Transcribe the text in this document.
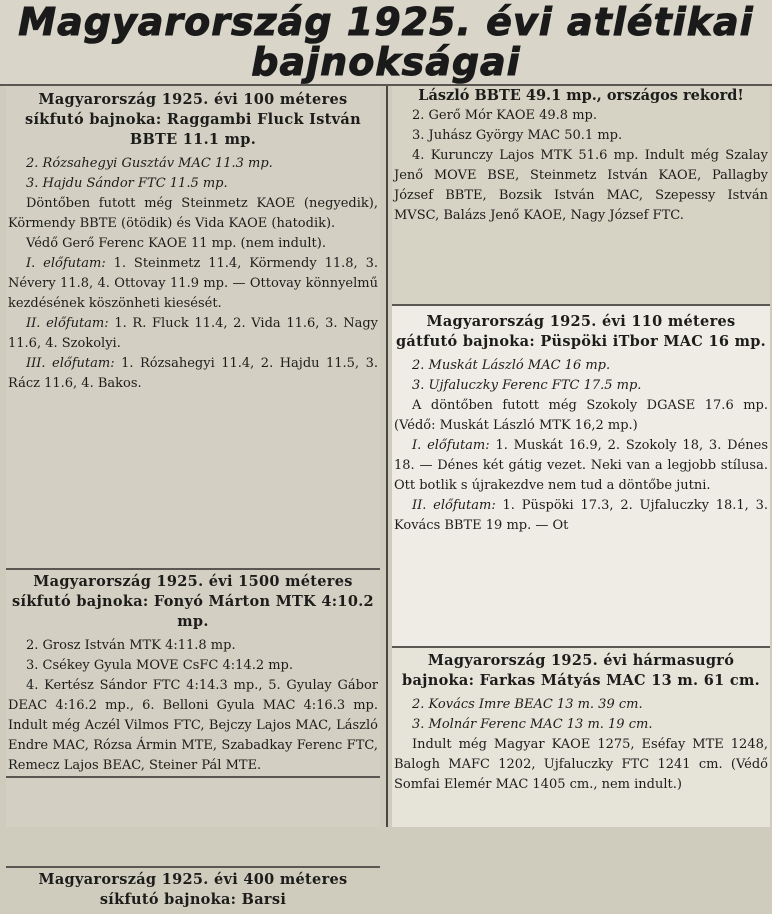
Magyarország 1925. évi atlétikai
bajnokságai

Magyarország 1925. évi 100 méteres síkfutó bajnoka: Raggambi Fluck István BBTE 11.1 mp.

2. Rózsahegyi Gusztáv MAC 11.3 mp.

3. Hajdu Sándor FTC 11.5 mp.

Döntőben futott még Steinmetz KAOE (negyedik), Körmendy BBTE (ötödik) és Vida KAOE (hatodik).

Védő Gerő Ferenc KAOE 11 mp. (nem indult).

I. előfutam: 1. Steinmetz 11.4, Körmendy 11.8, 3. Névery 11.8, 4. Ottovay 11.9 mp. — Ottovay könnyelmű kezdésének köszönheti kiesését.

II. előfutam: 1. R. Fluck 11.4, 2. Vida 11.6, 3. Nagy 11.6, 4. Szokolyi.

III. előfutam: 1. Rózsahegyi 11.4, 2. Hajdu 11.5, 3. Rácz 11.6, 4. Bakos.

Magyarország 1925. évi 1500 méteres síkfutó bajnoka: Fonyó Márton MTK 4:10.2 mp.

2. Grosz István MTK 4:11.8 mp.

3. Csékey Gyula MOVE CsFC 4:14.2 mp.

4. Kertész Sándor FTC 4:14.3 mp., 5. Gyulay Gábor DEAC 4:16.2 mp., 6. Belloni Gyula MAC 4:16.3 mp. Indult még Aczél Vilmos FTC, Bejczy Lajos MAC, László Endre MAC, Rózsa Ármin MTE, Szabadkay Ferenc FTC, Remecz Lajos BEAC, Steiner Pál MTE.

Magyarország 1925. évi 400 méteres síkfutó bajnoka: Barsi

László BBTE 49.1 mp., országos rekord!

2. Gerő Mór KAOE 49.8 mp.

3. Juhász György MAC 50.1 mp.

4. Kurunczy Lajos MTK 51.6 mp. Indult még Szalay Jenő MOVE BSE, Steinmetz István KAOE, Pallagby József BBTE, Bozsik István MAC, Szepessy István MVSC, Balázs Jenő KAOE, Nagy József FTC.

Magyarország 1925. évi 110 méteres gátfutó bajnoka: Püspöki iTbor MAC 16 mp.

2. Muskát László MAC 16 mp.

3. Ujfaluczky Ferenc FTC 17.5 mp.

A döntőben futott még Szokoly DGASE 17.6 mp. (Védő: Muskát László MTK 16,2 mp.)

I. előfutam: 1. Muskát 16.9, 2. Szokoly 18, 3. Dénes 18. — Dénes két gátig vezet. Neki van a legjobb stílusa. Ott botlik s újrakezdve nem tud a döntőbe jutni.

II. előfutam: 1. Püspöki 17.3, 2. Ujfaluczky 18.1, 3. Kovács BBTE 19 mp. — Ot

Magyarország 1925. évi hármasugró bajnoka: Farkas Mátyás MAC 13 m. 61 cm.

2. Kovács Imre BEAC 13 m. 39 cm.

3. Molnár Ferenc MAC 13 m. 19 cm.

Indult még Magyar KAOE 1275, Eséfay MTE 1248, Balogh MAFC 1202, Ujfaluczky FTC 1241 cm. (Védő Somfai Elemér MAC 1405 cm., nem indult.)
